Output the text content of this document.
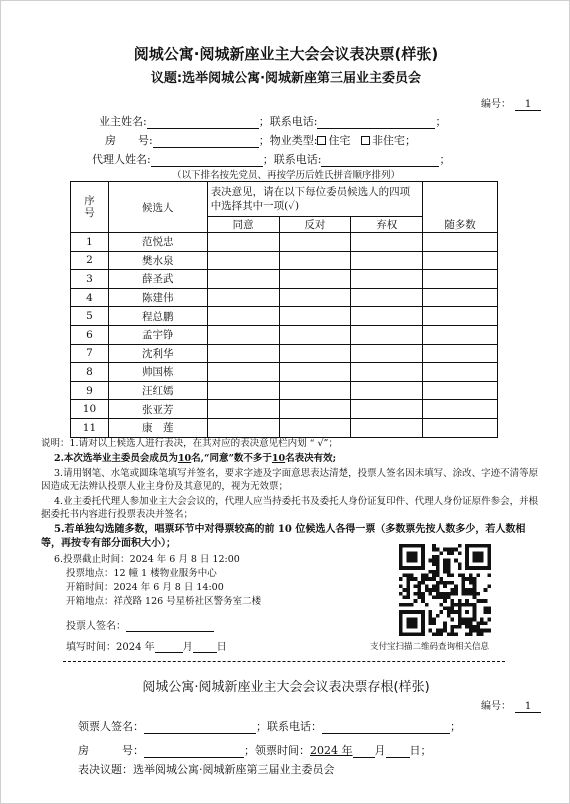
阅城公寓·阅城新座业主大会会议表决票(样张)
议题:选举阅城公寓·阅城新座第三届业主委员会
编号： 1
业主姓名:	；联系电话:	；
房　　号:	；物业类型: 住宅 非住宅；
代理人姓名:	；联系电话:	；
（以下排名按先党员、再按学历后姓氏拼音顺序排列）
序号	候选人	表决意见，请在以下每位委员候选人的四项中选择其中一项(✓)			
		同意	反对	弃权	随多数
1	范悦忠				
2	樊水泉				
3	薛圣武				
4	陈建伟				
5	程总鹏				
6	孟宇铮				
7	沈利华				
8	帅国栋				
9	汪红嫣				
10	张亚芳				
11	康　莲				
说明：1.请对以上候选人进行表决，在其对应的表决意见栏内划 “ √”；
2.本次选举业主委员会成员为10名,“同意”数不多于10名表决有效;
3.请用钢笔、水笔或圆珠笔填写并签名，要求字迹及字面意思表达清楚，投票人签名因未填写、涂改、字迹不清等原因造成无法辨认投票人业主身份及其意见的，视为无效票；
4.业主委托代理人参加业主大会会议的，代理人应当持委托书及委托人身份证复印件、代理人身份证原件参会，并根据委托书内容进行投票表决并签名；
5.若单独勾选随多数，唱票环节中对得票较高的前 10 位候选人各得一票（多数票先按人数多少，若人数相等，再按专有部分面积大小）；
6.投票截止时间：2024 年 6 月 8 日 12:00
投票地点：12 幢 1 楼物业服务中心
开箱时间：2024 年 6 月 8 日 14:00
开箱地点：祥茂路 126 号星桥社区警务室二楼
投票人签名：
填写时间：2024 年	月 日	支付宝扫描二维码查询相关信息
阅城公寓·阅城新座业主大会会议表决票存根(样张)
编号： 1
领票人签名：	；联系电话：	；
房　　　号：	；领票时间：2024 年 月 日；
表决议题：选举阅城公寓·阅城新座第三届业主委员会
